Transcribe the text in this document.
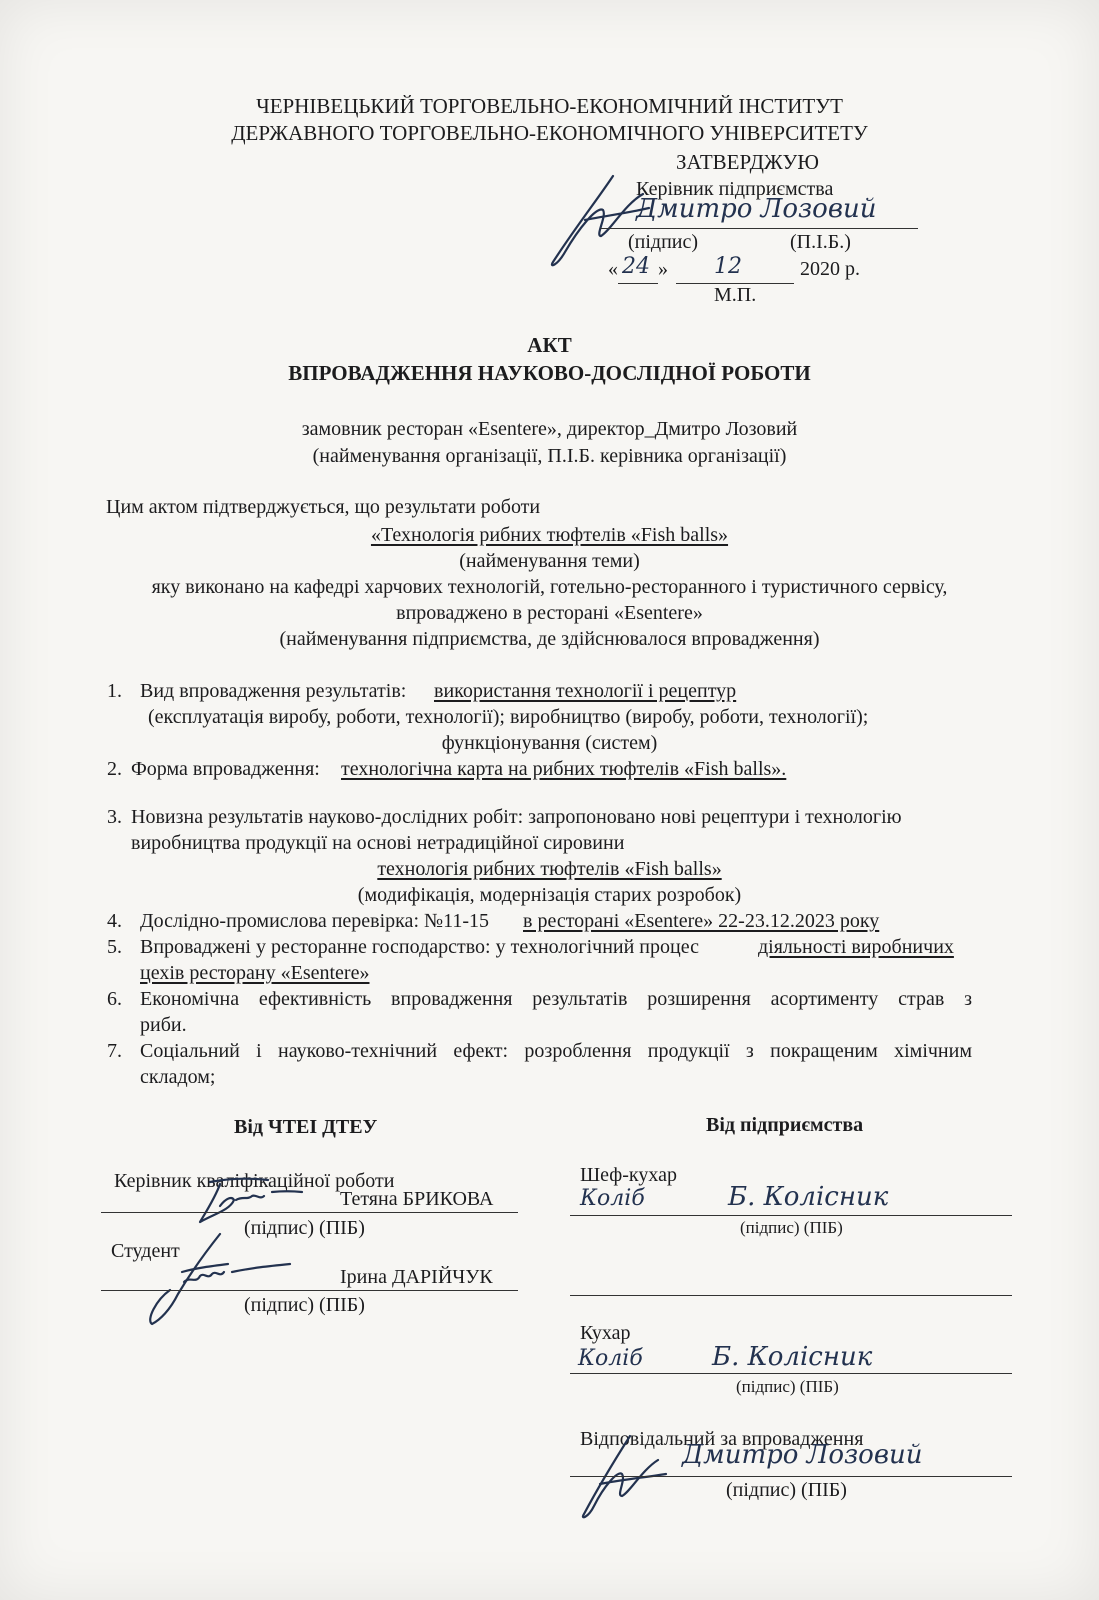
ЧЕРНІВЕЦЬКИЙ ТОРГОВЕЛЬНО-ЕКОНОМІЧНИЙ ІНСТИТУТ
ДЕРЖАВНОГО ТОРГОВЕЛЬНО-ЕКОНОМІЧНОГО УНІВЕРСИТЕТУ
ЗАТВЕРДЖУЮ
Керівник підприємства
Дмитро Лозовий
(підпис)	(П.І.Б.)
« 24 » 12	2020 р.
М.П.
АКТ
ВПРОВАДЖЕННЯ НАУКОВО-ДОСЛІДНОЇ РОБОТИ
замовник ресторан «Esentere», директор_Дмитро Лозовий
(найменування організації, П.І.Б. керівника організації)
Цим актом підтверджується, що результати роботи
«Технологія рибних тюфтелів «Fish balls»
(найменування теми)
яку виконано на кафедрі харчових технологій, готельно-ресторанного і туристичного сервісу,
впроваджено в ресторані «Esentere»
(найменування підприємства, де здійснювалося впровадження)
1. Вид впровадження результатів: використання технології і рецептур
(експлуатація виробу, роботи, технології); виробництво (виробу, роботи, технології);
функціонування (систем)
2. Форма впровадження: технологічна карта на рибних тюфтелів «Fish balls».
3. Новизна результатів науково-дослідних робіт: запропоновано нові рецептури і технологію
виробництва продукції на основі нетрадиційної сировини
технологія рибних тюфтелів «Fish balls»
(модифікація, модернізація старих розробок)
4. Дослідно-промислова перевірка: №11-15 в ресторані «Esentere» 22-23.12.2023 року
5. Впроваджені у ресторанне господарство: у технологічний процес	діяльності виробничих
цехів ресторану «Esentere»
6. Економічна ефективність впровадження результатів розширення асортименту страв з
риби.
7. Соціальний і науково-технічний ефект: розроблення продукції з покращеним хімічним
складом;
Від ЧТЕІ ДТЕУ
Керівник кваліфікаційної роботи
Тетяна БРИКОВА
(підпис) (ПІБ)
Студент
Ірина ДАРІЙЧУК
(підпис) (ПІБ)
Від підприємства
Шеф-кухар
Коліб	Б. Колісник
(підпис) (ПІБ)
Кухар
Коліб	Б. Колісник
(підпис) (ПІБ)
Відповідальний за впровадження
Дмитро Лозовий
(підпис) (ПІБ)
